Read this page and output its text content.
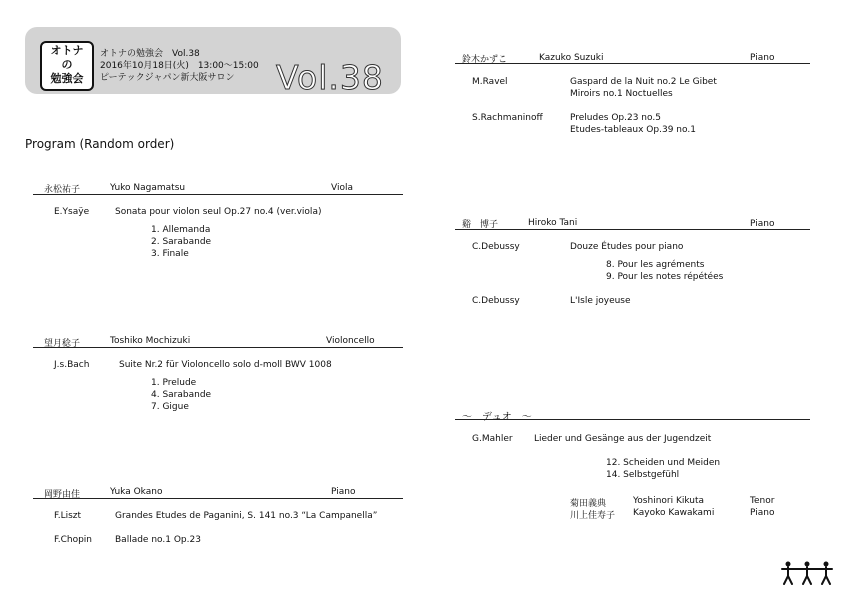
オトナ
の
勉強会
オトナの勉強会　Vol.38
2016年10月18日(火)　13:00～15:00
ピーテックジャパン新大阪サロン Vol.38
Program (Random order)
永松祐子	Yuko Nagamatsu	Viola
E.Ysaÿe	Sonata pour violon seul Op.27 no.4 (ver.viola)
1. Allemanda
2. Sarabande
3. Finale
望月稔子	Toshiko Mochizuki	Violoncello
J.s.Bach	Suite Nr.2 für Violoncello solo d-moll BWV 1008
1. Prelude
4. Sarabande
7. Gigue
岡野由佳	Yuka Okano	Piano
F.Liszt	Grandes Etudes de Paganini, S. 141 no.3 “La Campanella”
F.Chopin	Ballade no.1 Op.23
鈴木かずこ	Kazuko Suzuki	Piano
M.Ravel	Gaspard de la Nuit no.2 Le Gibet
Miroirs no.1 Noctuelles
S.Rachmaninoff	Preludes Op.23 no.5
Etudes-tableaux Op.39 no.1
谿　博子	Hiroko Tani	Piano
C.Debussy	Douze Études pour piano
8. Pour les agréments
9. Pour les notes répétées
C.Debussy	L'Isle joyeuse
～　デュオ　～
G.Mahler Lieder und Gesänge aus der Jugendzeit
12. Scheiden und Meiden
14. Selbstgefühl
菊田義典	Yoshinori Kikuta	Tenor
川上佳寿子 Kayoko Kawakami	Piano
